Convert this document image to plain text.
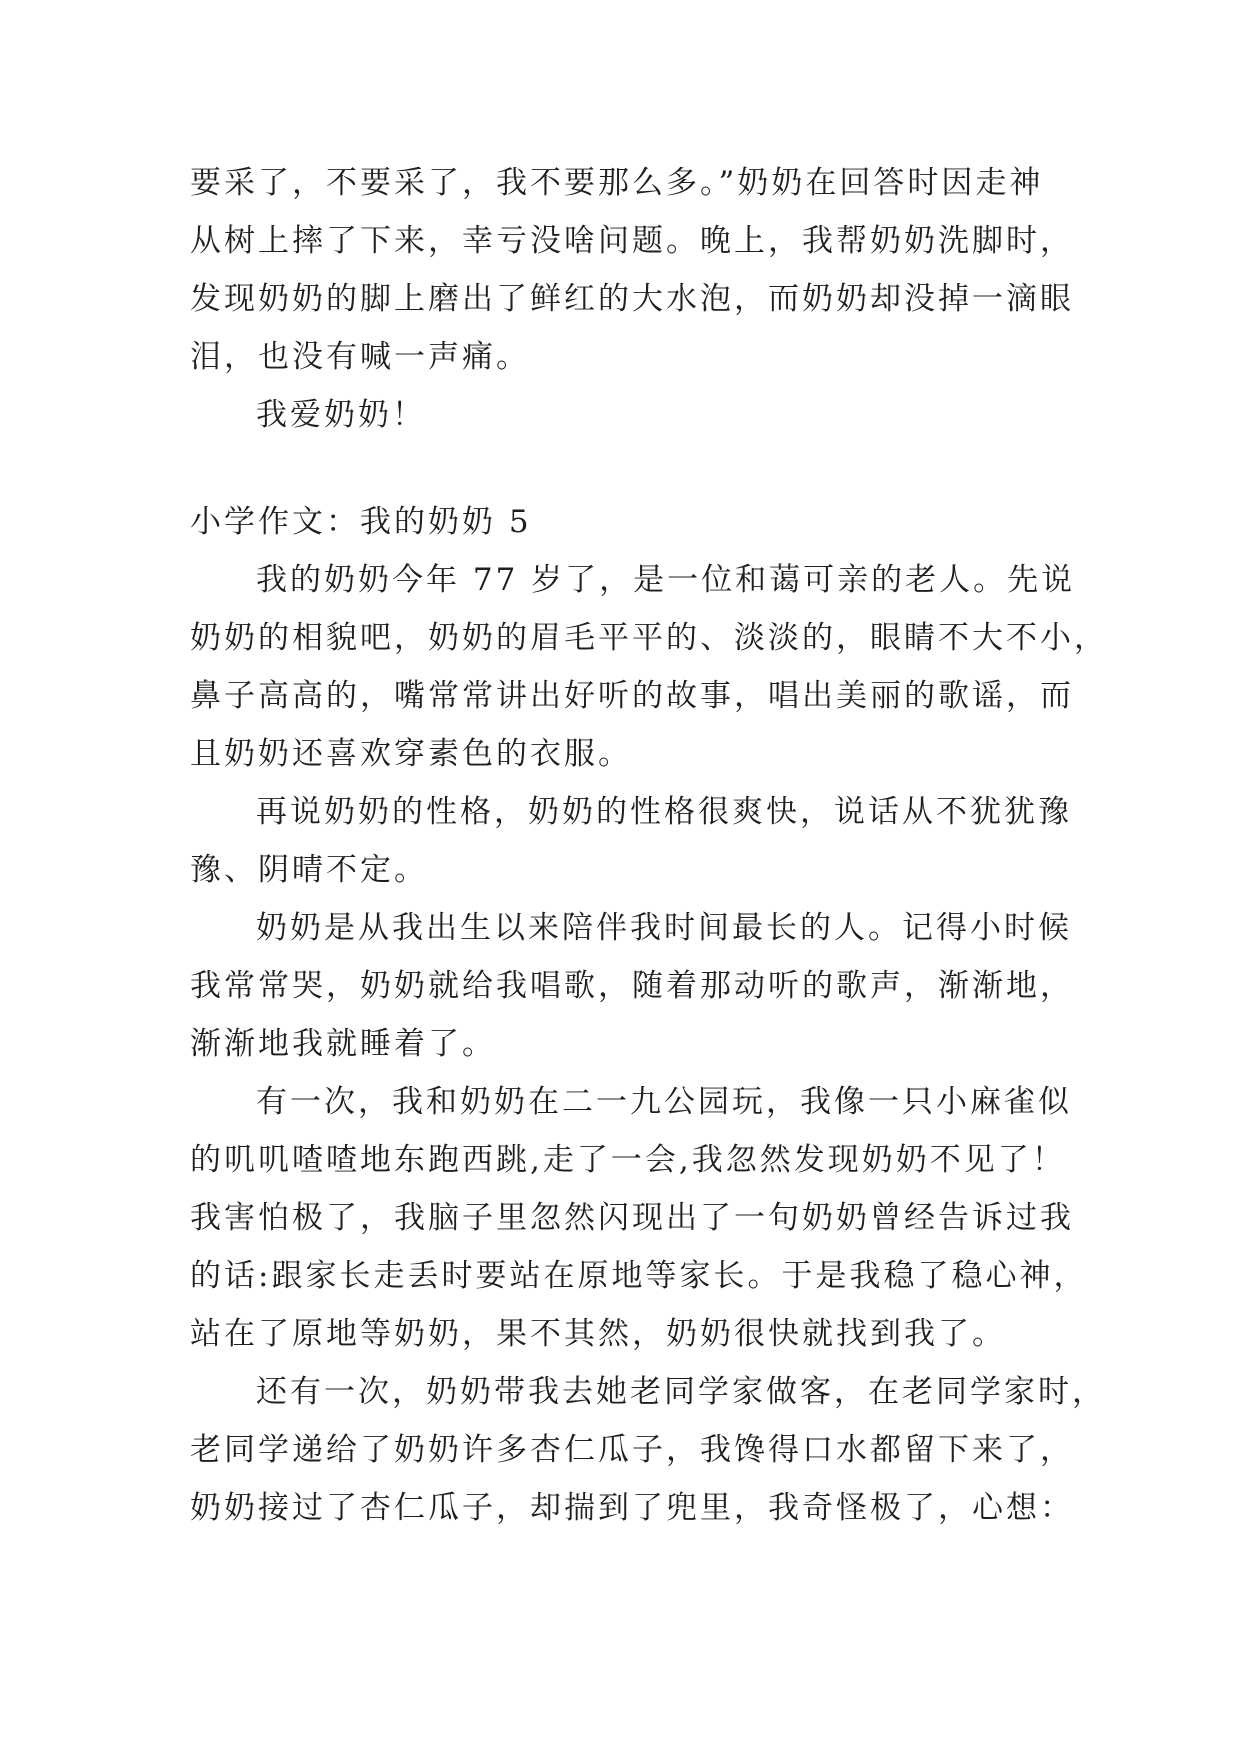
要采了，不要采了，我不要那么多。”奶奶在回答时因走神
从树上摔了下来，幸亏没啥问题。晚上，我帮奶奶洗脚时，
发现奶奶的脚上磨出了鲜红的大水泡，而奶奶却没掉一滴眼
泪，也没有喊一声痛。
我爱奶奶！
小学作文：我的奶奶 5
我的奶奶今年 77 岁了，是一位和蔼可亲的老人。先说
奶奶的相貌吧，奶奶的眉毛平平的、淡淡的，眼睛不大不小，
鼻子高高的，嘴常常讲出好听的故事，唱出美丽的歌谣，而
且奶奶还喜欢穿素色的衣服。
再说奶奶的性格，奶奶的性格很爽快，说话从不犹犹豫
豫、阴晴不定。
奶奶是从我出生以来陪伴我时间最长的人。记得小时候
我常常哭，奶奶就给我唱歌，随着那动听的歌声，渐渐地，
渐渐地我就睡着了。
有一次，我和奶奶在二一九公园玩，我像一只小麻雀似
的叽叽喳喳地东跑西跳,走了一会,我忽然发现奶奶不见了！
我害怕极了，我脑子里忽然闪现出了一句奶奶曾经告诉过我
的话:跟家长走丢时要站在原地等家长。于是我稳了稳心神，
站在了原地等奶奶，果不其然，奶奶很快就找到我了。
还有一次，奶奶带我去她老同学家做客，在老同学家时，
老同学递给了奶奶许多杏仁瓜子，我馋得口水都留下来了，
奶奶接过了杏仁瓜子，却揣到了兜里，我奇怪极了，心想：
